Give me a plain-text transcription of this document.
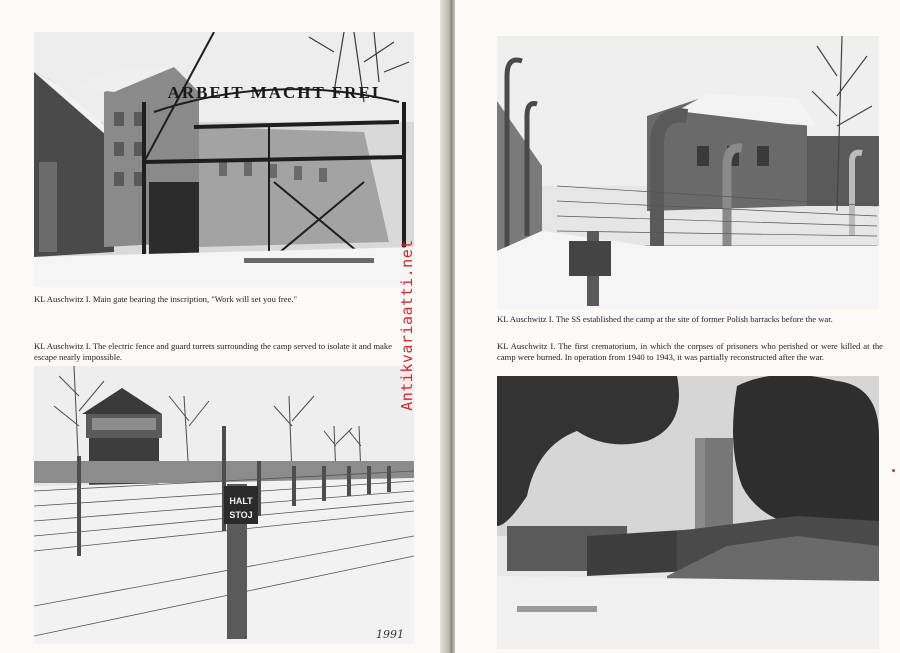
ARBEIT MACHT FREI
KL Auschwitz I. Main gate bearing the inscription, "Work will set you free."
KL Auschwitz I. The electric fence and guard turrets surrounding the camp served to isolate it and make escape nearly impossible.
HALT
STOJ
1991
Antikvariaatti.net	KL Auschwitz I. The SS established the camp at the site of former Polish barracks before the war.
KL Auschwitz I. The first crematorium, in which the corpses of prisoners who perished or were killed at the camp were burned. In operation from 1940 to 1943, it was partially reconstructed after the war.
